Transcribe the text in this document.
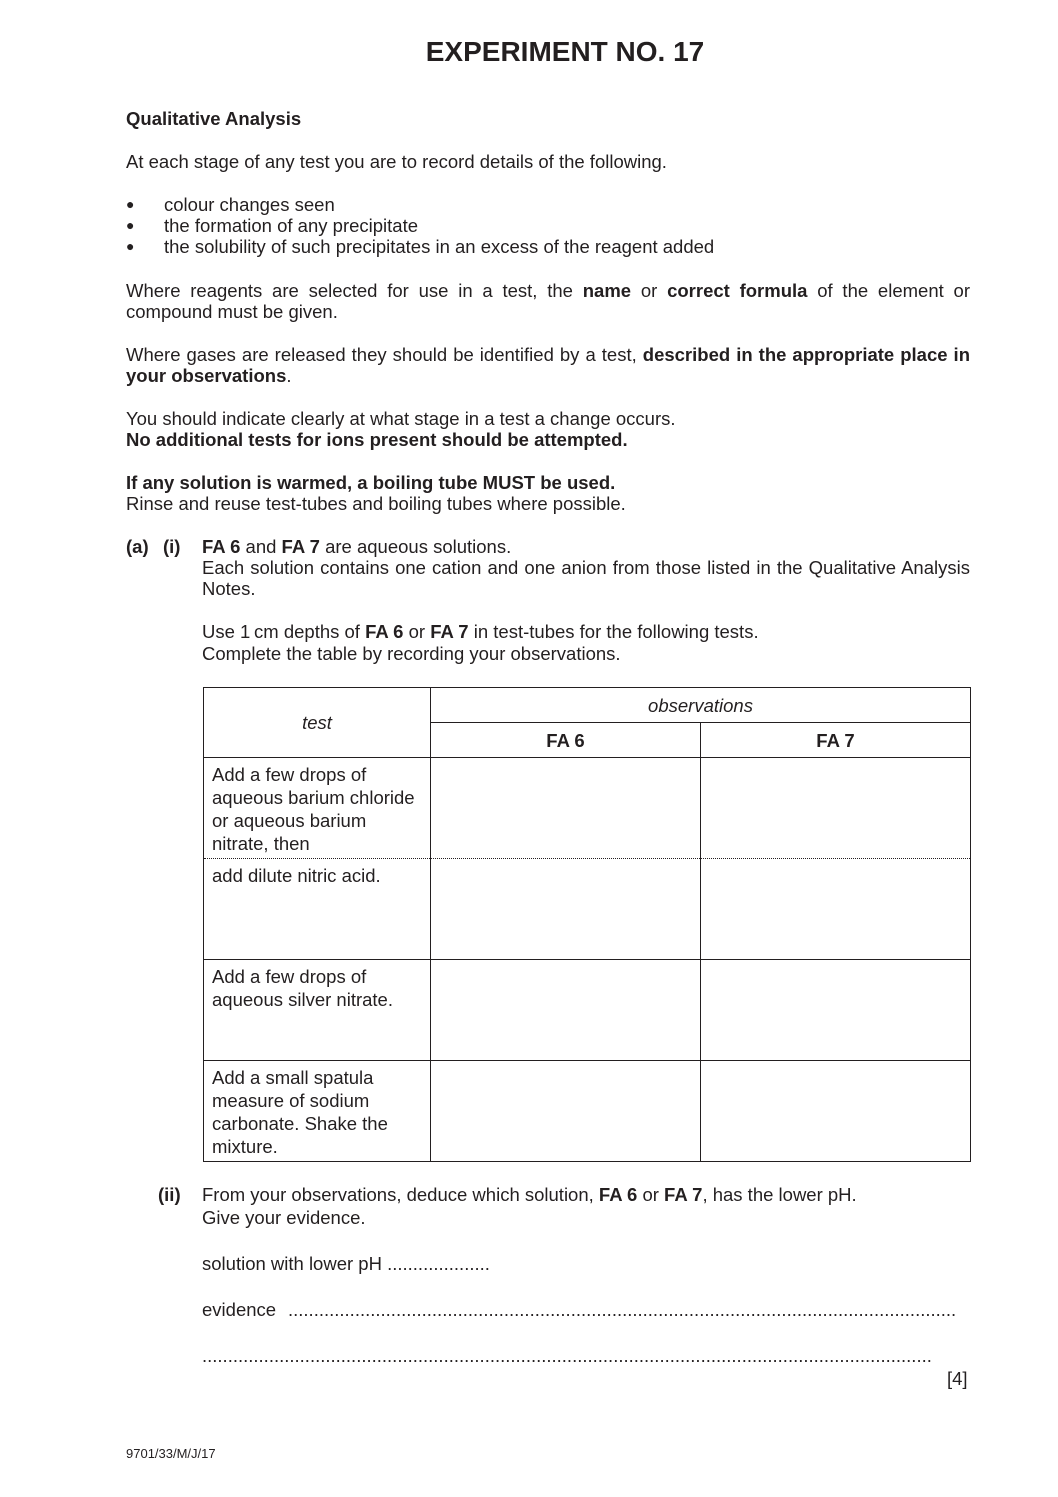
EXPERIMENT NO. 17
Qualitative Analysis
At each stage of any test you are to record details of the following.
● colour changes seen
● the formation of any precipitate
● the solubility of such precipitates in an excess of the reagent added
Where reagents are selected for use in a test, the name or correct formula of the element or compound must be given.
Where gases are released they should be identified by a test, described in the appropriate place in your observations.
You should indicate clearly at what stage in a test a change occurs.
No additional tests for ions present should be attempted.
If any solution is warmed, a boiling tube MUST be used.
Rinse and reuse test-tubes and boiling tubes where possible.
(a) (i) FA 6 and FA 7 are aqueous solutions.
Each solution contains one cation and one anion from those listed in the Qualitative Analysis Notes.
Use 1 cm depths of FA 6 or FA 7 in test-tubes for the following tests.
Complete the table by recording your observations.
test	observations	
	FA 6	FA 7

Add a few drops of aqueous barium chloride or aqueous barium nitrate, then		

add dilute nitric acid.		

Add a few drops of aqueous silver nitrate.		

Add a small spatula measure of sodium carbonate. Shake the mixture.		

(ii) From your observations, deduce which solution, FA 6 or FA 7, has the lower pH.
Give your evidence.
solution with lower pH ....................
evidence ..................................................................................................................................
..............................................................................................................................................
[4]
9701/33/M/J/17
